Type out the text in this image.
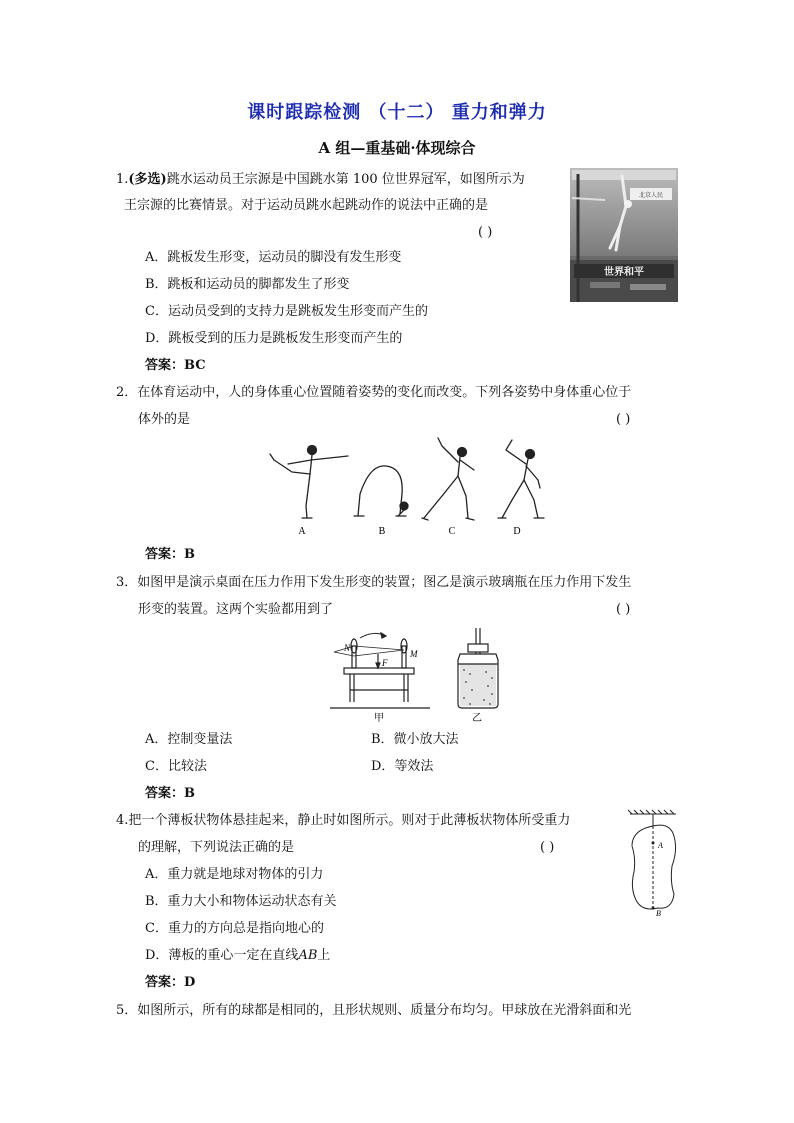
课时跟踪检测 （十二） 重力和弹力
A 组—重基础·体现综合
1.(多选)跳水运动员王宗源是中国跳水第 100 位世界冠军，如图所示为
王宗源的比赛情景。对于运动员跳水起跳动作的说法中正确的是
( )
A．跳板发生形变，运动员的脚没有发生形变
B．跳板和运动员的脚都发生了形变
C．运动员受到的支持力是跳板发生形变而产生的
D．跳板受到的压力是跳板发生形变而产生的
答案：BC
北京人民
世界和平
2．在体育运动中，人的身体重心位置随着姿势的变化而改变。下列各姿势中身体重心位于
体外的是	( )
A	B	C	D
答案：B
3．如图甲是演示桌面在压力作用下发生形变的装置；图乙是演示玻璃瓶在压力作用下发生
形变的装置。这两个实验都用到了	( )
N
M
F
甲	乙
A．控制变量法	B．微小放大法
C．比较法	D．等效法
答案：B
4.把一个薄板状物体悬挂起来，静止时如图所示。则对于此薄板状物体所受重力
的理解，下列说法正确的是	( )
A．重力就是地球对物体的引力
B．重力大小和物体运动状态有关
C．重力的方向总是指向地心的
D．薄板的重心一定在直线AB上
答案：D
A
B
5．如图所示，所有的球都是相同的，且形状规则、质量分布均匀。甲球放在光滑斜面和光
